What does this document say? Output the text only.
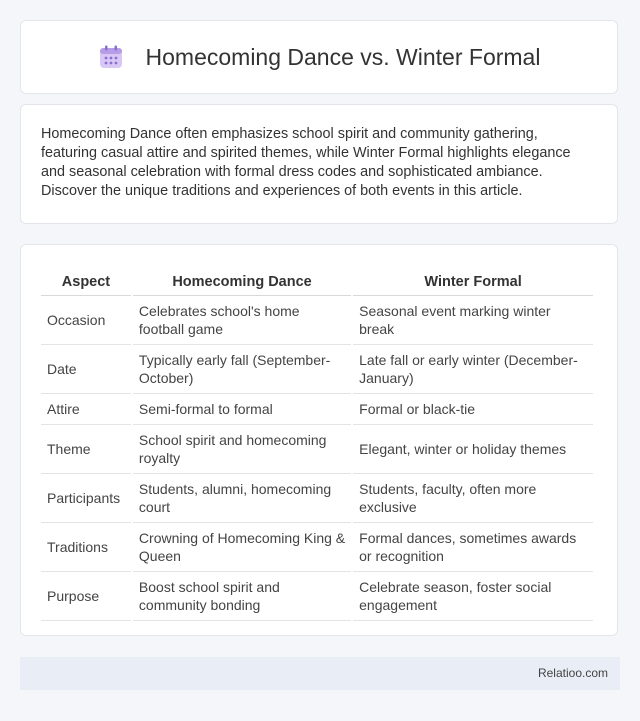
Homecoming Dance vs. Winter Formal

Homecoming Dance often emphasizes school spirit and community gathering, featuring casual attire and spirited themes, while Winter Formal highlights elegance and seasonal celebration with formal dress codes and sophisticated ambiance. Discover the unique traditions and experiences of both events in this article.

Aspect	Homecoming Dance	Winter Formal
Occasion	Celebrates school's home football game	Seasonal event marking winter break
Date	Typically early fall (September-October)	Late fall or early winter (December-January)
Attire	Semi-formal to formal	Formal or black-tie
Theme	School spirit and homecoming royalty	Elegant, winter or holiday themes
Participants	Students, alumni, homecoming court	Students, faculty, often more exclusive
Traditions	Crowning of Homecoming King & Queen	Formal dances, sometimes awards or recognition
Purpose	Boost school spirit and community bonding	Celebrate season, foster social engagement
Relatioo.com
